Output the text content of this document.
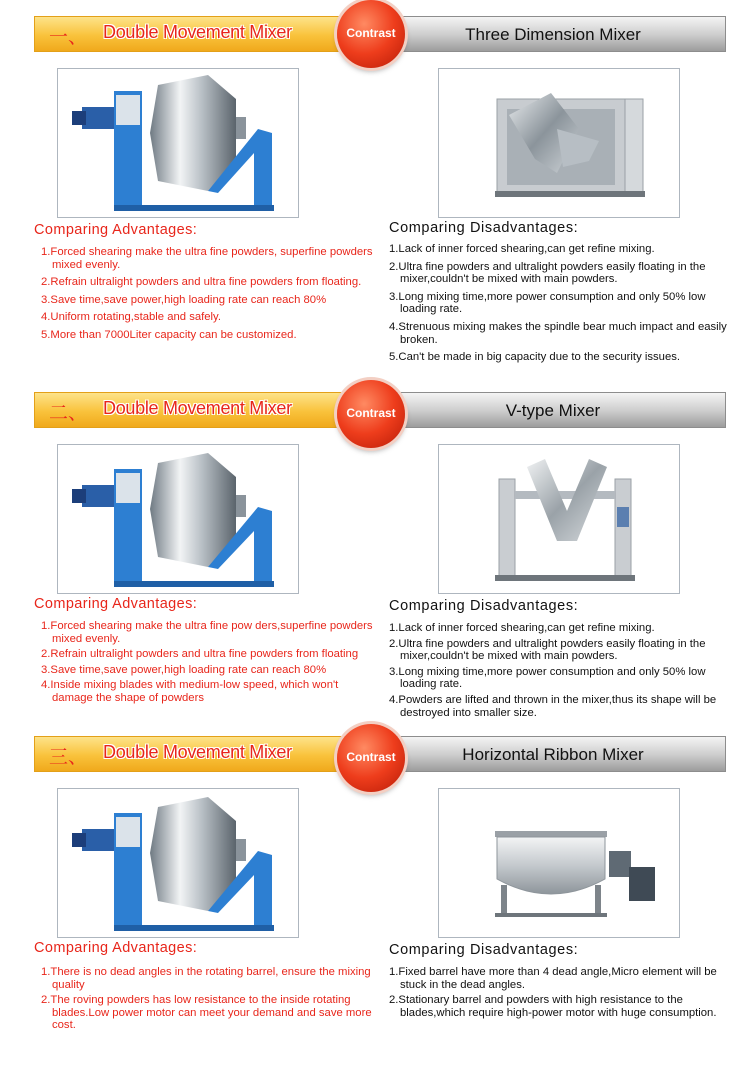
一、 Double Movement Mixer	Three Dimension Mixer
Contrast
Comparing Advantages:
1.Forced shearing make the ultra fine powders, superfine powders mixed evenly.
2.Refrain ultralight powders and ultra fine powders from floating.
3.Save time,save power,high loading rate can reach 80%
4.Uniform rotating,stable and safely.
5.More than 7000Liter capacity can be customized.
Comparing Disadvantages:
1.Lack of inner forced shearing,can get refine mixing.
2.Ultra fine powders and ultralight powders easily floating in the mixer,couldn't be mixed with main powders.
3.Long mixing time,more power consumption and only 50% low loading rate.
4.Strenuous mixing makes the spindle bear much impact and easily broken.
5.Can't be made in big capacity due to the security issues.
二、 Double Movement Mixer	V-type Mixer
Contrast
Comparing Advantages:
1.Forced shearing make the ultra fine pow ders,superfine powders mixed evenly.
2.Refrain ultralight powders and ultra fine powders from floating
3.Save time,save power,high loading rate can reach 80%
4.Inside mixing blades with medium-low speed, which won't damage the shape of powders
Comparing Disadvantages:
1.Lack of inner forced shearing,can get refine mixing.
2.Ultra fine powders and ultralight powders easily floating in the mixer,couldn't be mixed with main powders.
3.Long mixing time,more power consumption and only 50% low loading rate.
4.Powders are lifted and thrown in the mixer,thus its shape will be destroyed into smaller size.
三、 Double Movement Mixer	Horizontal Ribbon Mixer
Contrast
Comparing Advantages:
1.There is no dead angles in the rotating barrel, ensure the mixing quality
2.The roving powders has low resistance to the inside rotating blades.Low power motor can meet your demand and save more cost.
Comparing Disadvantages:
1.Fixed barrel have more than 4 dead angle,Micro element will be stuck in the dead angles.
2.Stationary barrel and powders with high resistance to the blades,which require high-power motor with huge consumption.
